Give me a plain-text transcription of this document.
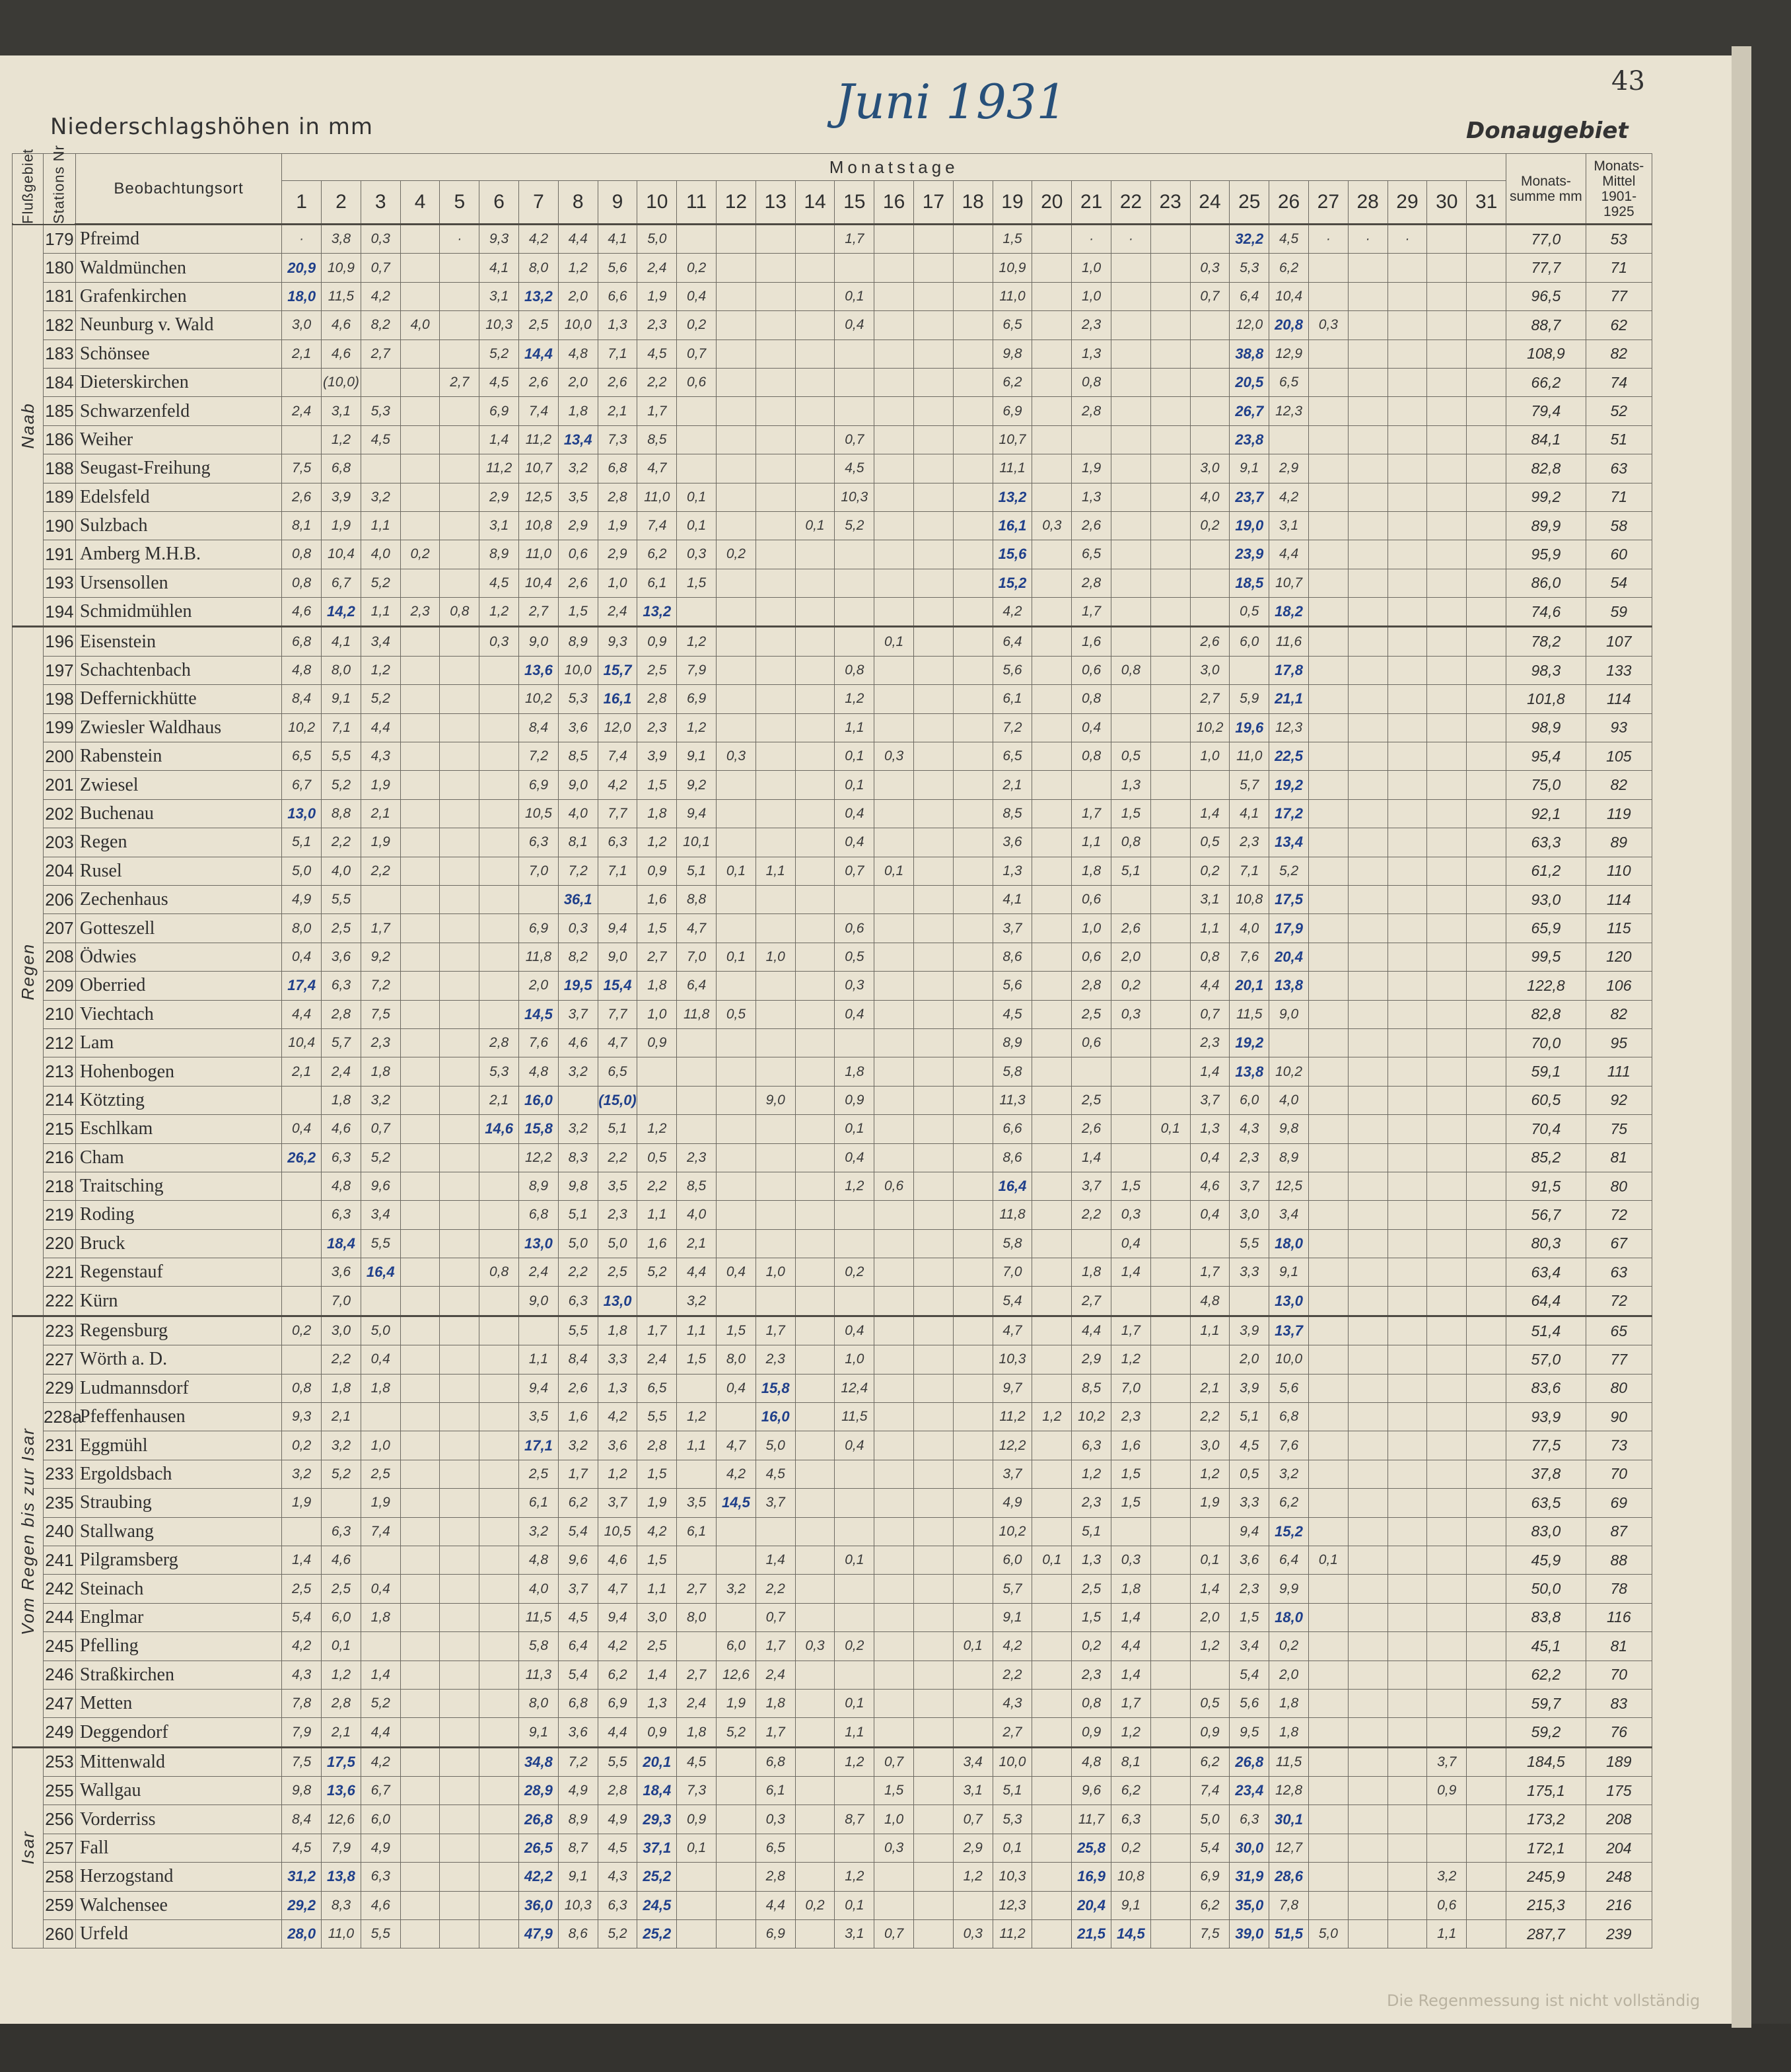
Juni 1931	43
Niederschlagshöhen in mm	Donaugebiet
Flußgebiet	Stations Nr	Beobachtungsort	Monatstage																															Monats- summe mm	Monats- Mittel 1901-1925
			1	2	3	4	5	6	7	8	9	10	11	12	13	14	15	16	17	18	19	20	21	22	23	24	25	26	27	28	29	30	31		
Naab	179	Pfreimd	·	3,8	0,3		·	9,3	4,2	4,4	4,1	5,0					1,7				1,5		·	·			32,2	4,5	·	·	·			77,0	53
	180	Waldmünchen	20,9	10,9	0,7			4,1	8,0	1,2	5,6	2,4	0,2								10,9		1,0			0,3	5,3	6,2						77,7	71
	181	Grafenkirchen	18,0	11,5	4,2			3,1	13,2	2,0	6,6	1,9	0,4				0,1				11,0		1,0			0,7	6,4	10,4						96,5	77
	182	Neunburg v. Wald	3,0	4,6	8,2	4,0		10,3	2,5	10,0	1,3	2,3	0,2				0,4				6,5		2,3				12,0	20,8	0,3					88,7	62
	183	Schönsee	2,1	4,6	2,7			5,2	14,4	4,8	7,1	4,5	0,7								9,8		1,3				38,8	12,9						108,9	82
	184	Dieterskirchen		(10,0)			2,7	4,5	2,6	2,0	2,6	2,2	0,6								6,2		0,8				20,5	6,5						66,2	74
	185	Schwarzenfeld	2,4	3,1	5,3			6,9	7,4	1,8	2,1	1,7									6,9		2,8				26,7	12,3						79,4	52
	186	Weiher		1,2	4,5			1,4	11,2	13,4	7,3	8,5					0,7				10,7						23,8							84,1	51
	188	Seugast-Freihung	7,5	6,8				11,2	10,7	3,2	6,8	4,7					4,5				11,1		1,9			3,0	9,1	2,9						82,8	63
	189	Edelsfeld	2,6	3,9	3,2			2,9	12,5	3,5	2,8	11,0	0,1				10,3				13,2		1,3			4,0	23,7	4,2						99,2	71
	190	Sulzbach	8,1	1,9	1,1			3,1	10,8	2,9	1,9	7,4	0,1			0,1	5,2				16,1	0,3	2,6			0,2	19,0	3,1						89,9	58
	191	Amberg M.H.B.	0,8	10,4	4,0	0,2		8,9	11,0	0,6	2,9	6,2	0,3	0,2							15,6		6,5				23,9	4,4						95,9	60
	193	Ursensollen	0,8	6,7	5,2			4,5	10,4	2,6	1,0	6,1	1,5								15,2		2,8				18,5	10,7						86,0	54
	194	Schmidmühlen	4,6	14,2	1,1	2,3	0,8	1,2	2,7	1,5	2,4	13,2									4,2		1,7				0,5	18,2						74,6	59
Regen	196	Eisenstein	6,8	4,1	3,4			0,3	9,0	8,9	9,3	0,9	1,2					0,1			6,4		1,6			2,6	6,0	11,6						78,2	107
	197	Schachtenbach	4,8	8,0	1,2				13,6	10,0	15,7	2,5	7,9				0,8				5,6		0,6	0,8		3,0		17,8						98,3	133
	198	Deffernickhütte	8,4	9,1	5,2				10,2	5,3	16,1	2,8	6,9				1,2				6,1		0,8			2,7	5,9	21,1						101,8	114
	199	Zwiesler Waldhaus	10,2	7,1	4,4				8,4	3,6	12,0	2,3	1,2				1,1				7,2		0,4			10,2	19,6	12,3						98,9	93
	200	Rabenstein	6,5	5,5	4,3				7,2	8,5	7,4	3,9	9,1	0,3			0,1	0,3			6,5		0,8	0,5		1,0	11,0	22,5						95,4	105
	201	Zwiesel	6,7	5,2	1,9				6,9	9,0	4,2	1,5	9,2				0,1				2,1			1,3			5,7	19,2						75,0	82
	202	Buchenau	13,0	8,8	2,1				10,5	4,0	7,7	1,8	9,4				0,4				8,5		1,7	1,5		1,4	4,1	17,2						92,1	119
	203	Regen	5,1	2,2	1,9				6,3	8,1	6,3	1,2	10,1				0,4				3,6		1,1	0,8		0,5	2,3	13,4						63,3	89
	204	Rusel	5,0	4,0	2,2				7,0	7,2	7,1	0,9	5,1	0,1	1,1		0,7	0,1			1,3		1,8	5,1		0,2	7,1	5,2						61,2	110
	206	Zechenhaus	4,9	5,5						36,1		1,6	8,8								4,1		0,6			3,1	10,8	17,5						93,0	114
	207	Gotteszell	8,0	2,5	1,7				6,9	0,3	9,4	1,5	4,7				0,6				3,7		1,0	2,6		1,1	4,0	17,9						65,9	115
	208	Ödwies	0,4	3,6	9,2				11,8	8,2	9,0	2,7	7,0	0,1	1,0		0,5				8,6		0,6	2,0		0,8	7,6	20,4						99,5	120
	209	Oberried	17,4	6,3	7,2				2,0	19,5	15,4	1,8	6,4				0,3				5,6		2,8	0,2		4,4	20,1	13,8						122,8	106
	210	Viechtach	4,4	2,8	7,5				14,5	3,7	7,7	1,0	11,8	0,5			0,4				4,5		2,5	0,3		0,7	11,5	9,0						82,8	82
	212	Lam	10,4	5,7	2,3			2,8	7,6	4,6	4,7	0,9									8,9		0,6			2,3	19,2							70,0	95
	213	Hohenbogen	2,1	2,4	1,8			5,3	4,8	3,2	6,5						1,8				5,8					1,4	13,8	10,2						59,1	111
	214	Kötzting		1,8	3,2			2,1	16,0		(15,0)				9,0		0,9				11,3		2,5			3,7	6,0	4,0						60,5	92
	215	Eschlkam	0,4	4,6	0,7			14,6	15,8	3,2	5,1	1,2					0,1				6,6		2,6		0,1	1,3	4,3	9,8						70,4	75
	216	Cham	26,2	6,3	5,2				12,2	8,3	2,2	0,5	2,3				0,4				8,6		1,4			0,4	2,3	8,9						85,2	81
	218	Traitsching		4,8	9,6				8,9	9,8	3,5	2,2	8,5				1,2	0,6			16,4		3,7	1,5		4,6	3,7	12,5						91,5	80
	219	Roding		6,3	3,4				6,8	5,1	2,3	1,1	4,0								11,8		2,2	0,3		0,4	3,0	3,4						56,7	72
	220	Bruck		18,4	5,5				13,0	5,0	5,0	1,6	2,1								5,8			0,4			5,5	18,0						80,3	67
	221	Regenstauf		3,6	16,4			0,8	2,4	2,2	2,5	5,2	4,4	0,4	1,0		0,2				7,0		1,8	1,4		1,7	3,3	9,1						63,4	63
	222	Kürn		7,0					9,0	6,3	13,0		3,2								5,4		2,7			4,8		13,0						64,4	72
Vom Regen bis zur Isar	223	Regensburg	0,2	3,0	5,0					5,5	1,8	1,7	1,1	1,5	1,7		0,4				4,7		4,4	1,7		1,1	3,9	13,7						51,4	65
	227	Wörth a. D.		2,2	0,4				1,1	8,4	3,3	2,4	1,5	8,0	2,3		1,0				10,3		2,9	1,2			2,0	10,0						57,0	77
	229	Ludmannsdorf	0,8	1,8	1,8				9,4	2,6	1,3	6,5		0,4	15,8		12,4				9,7		8,5	7,0		2,1	3,9	5,6						83,6	80
	228a	Pfeffenhausen	9,3	2,1					3,5	1,6	4,2	5,5	1,2		16,0		11,5				11,2	1,2	10,2	2,3		2,2	5,1	6,8						93,9	90
	231	Eggmühl	0,2	3,2	1,0				17,1	3,2	3,6	2,8	1,1	4,7	5,0		0,4				12,2		6,3	1,6		3,0	4,5	7,6						77,5	73
	233	Ergoldsbach	3,2	5,2	2,5				2,5	1,7	1,2	1,5		4,2	4,5						3,7		1,2	1,5		1,2	0,5	3,2						37,8	70
	235	Straubing	1,9		1,9				6,1	6,2	3,7	1,9	3,5	14,5	3,7						4,9		2,3	1,5		1,9	3,3	6,2						63,5	69
	240	Stallwang		6,3	7,4				3,2	5,4	10,5	4,2	6,1								10,2		5,1				9,4	15,2						83,0	87
	241	Pilgramsberg	1,4	4,6					4,8	9,6	4,6	1,5			1,4		0,1				6,0	0,1	1,3	0,3		0,1	3,6	6,4	0,1					45,9	88
	242	Steinach	2,5	2,5	0,4				4,0	3,7	4,7	1,1	2,7	3,2	2,2						5,7		2,5	1,8		1,4	2,3	9,9						50,0	78
	244	Englmar	5,4	6,0	1,8				11,5	4,5	9,4	3,0	8,0		0,7						9,1		1,5	1,4		2,0	1,5	18,0						83,8	116
	245	Pfelling	4,2	0,1					5,8	6,4	4,2	2,5		6,0	1,7	0,3	0,2			0,1	4,2		0,2	4,4		1,2	3,4	0,2						45,1	81
	246	Straßkirchen	4,3	1,2	1,4				11,3	5,4	6,2	1,4	2,7	12,6	2,4						2,2		2,3	1,4			5,4	2,0						62,2	70
	247	Metten	7,8	2,8	5,2				8,0	6,8	6,9	1,3	2,4	1,9	1,8		0,1				4,3		0,8	1,7		0,5	5,6	1,8						59,7	83
	249	Deggendorf	7,9	2,1	4,4				9,1	3,6	4,4	0,9	1,8	5,2	1,7		1,1				2,7		0,9	1,2		0,9	9,5	1,8						59,2	76
Isar	253	Mittenwald	7,5	17,5	4,2				34,8	7,2	5,5	20,1	4,5		6,8		1,2	0,7		3,4	10,0		4,8	8,1		6,2	26,8	11,5				3,7		184,5	189
	255	Wallgau	9,8	13,6	6,7				28,9	4,9	2,8	18,4	7,3		6,1			1,5		3,1	5,1		9,6	6,2		7,4	23,4	12,8				0,9		175,1	175
	256	Vorderriss	8,4	12,6	6,0				26,8	8,9	4,9	29,3	0,9		0,3		8,7	1,0		0,7	5,3		11,7	6,3		5,0	6,3	30,1						173,2	208
	257	Fall	4,5	7,9	4,9				26,5	8,7	4,5	37,1	0,1		6,5			0,3		2,9	0,1		25,8	0,2		5,4	30,0	12,7						172,1	204
	258	Herzogstand	31,2	13,8	6,3				42,2	9,1	4,3	25,2			2,8		1,2			1,2	10,3		16,9	10,8		6,9	31,9	28,6				3,2		245,9	248
	259	Walchensee	29,2	8,3	4,6				36,0	10,3	6,3	24,5			4,4	0,2	0,1				12,3		20,4	9,1		6,2	35,0	7,8				0,6		215,3	216
	260	Urfeld	28,0	11,0	5,5				47,9	8,6	5,2	25,2			6,9		3,1	0,7		0,3	11,2		21,5	14,5		7,5	39,0	51,5	5,0			1,1		287,7	239
Die Regenmessung ist nicht vollständig
